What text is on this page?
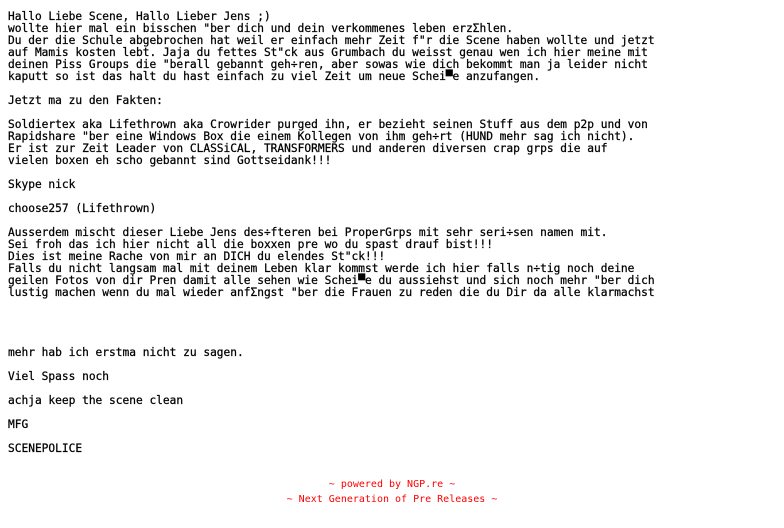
Hallo Liebe Scene, Hallo Lieber Jens ;)
wollte hier mal ein bisschen "ber dich und dein verkommenes leben erzΣhlen.
Du der die Schule abgebrochen hat weil er einfach mehr Zeit f"r die Scene haben wollte und jetzt
auf Mamis kosten lebt. Jaja du fettes St"ck aus Grumbach du weisst genau wen ich hier meine mit
deinen Piss Groups die "berall gebannt geh÷ren, aber sowas wie dich bekommt man ja leider nicht
kaputt so ist das halt du hast einfach zu viel Zeit um neue Schei▀e anzufangen.
Jetzt ma zu den Fakten:
Soldiertex aka Lifethrown aka Crowrider purged ihn, er bezieht seinen Stuff aus dem p2p und von
Rapidshare "ber eine Windows Box die einem Kollegen von ihm geh÷rt (HUND mehr sag ich nicht).
Er ist zur Zeit Leader von CLASSiCAL, TRANSFORMERS und anderen diversen crap grps die auf
vielen boxen eh scho gebannt sind Gottseidank!!!
Skype nick
choose257 (Lifethrown)
Ausserdem mischt dieser Liebe Jens des÷fteren bei ProperGrps mit sehr seri÷sen namen mit.
Sei froh das ich hier nicht all die boxxen pre wo du spast drauf bist!!!
Dies ist meine Rache von mir an DICH du elendes St"ck!!!
Falls du nicht langsam mal mit deinem Leben klar kommst werde ich hier falls n÷tig noch deine
geilen Fotos von dir Pren damit alle sehen wie Schei▀e du aussiehst und sich noch mehr "ber dich
lustig machen wenn du mal wieder anfΣngst "ber die Frauen zu reden die du Dir da alle klarmachst
mehr hab ich erstma nicht zu sagen.
Viel Spass noch
achja keep the scene clean
MFG
SCENEPOLICE
~ powered by NGP.re ~
~ Next Generation of Pre Releases ~
